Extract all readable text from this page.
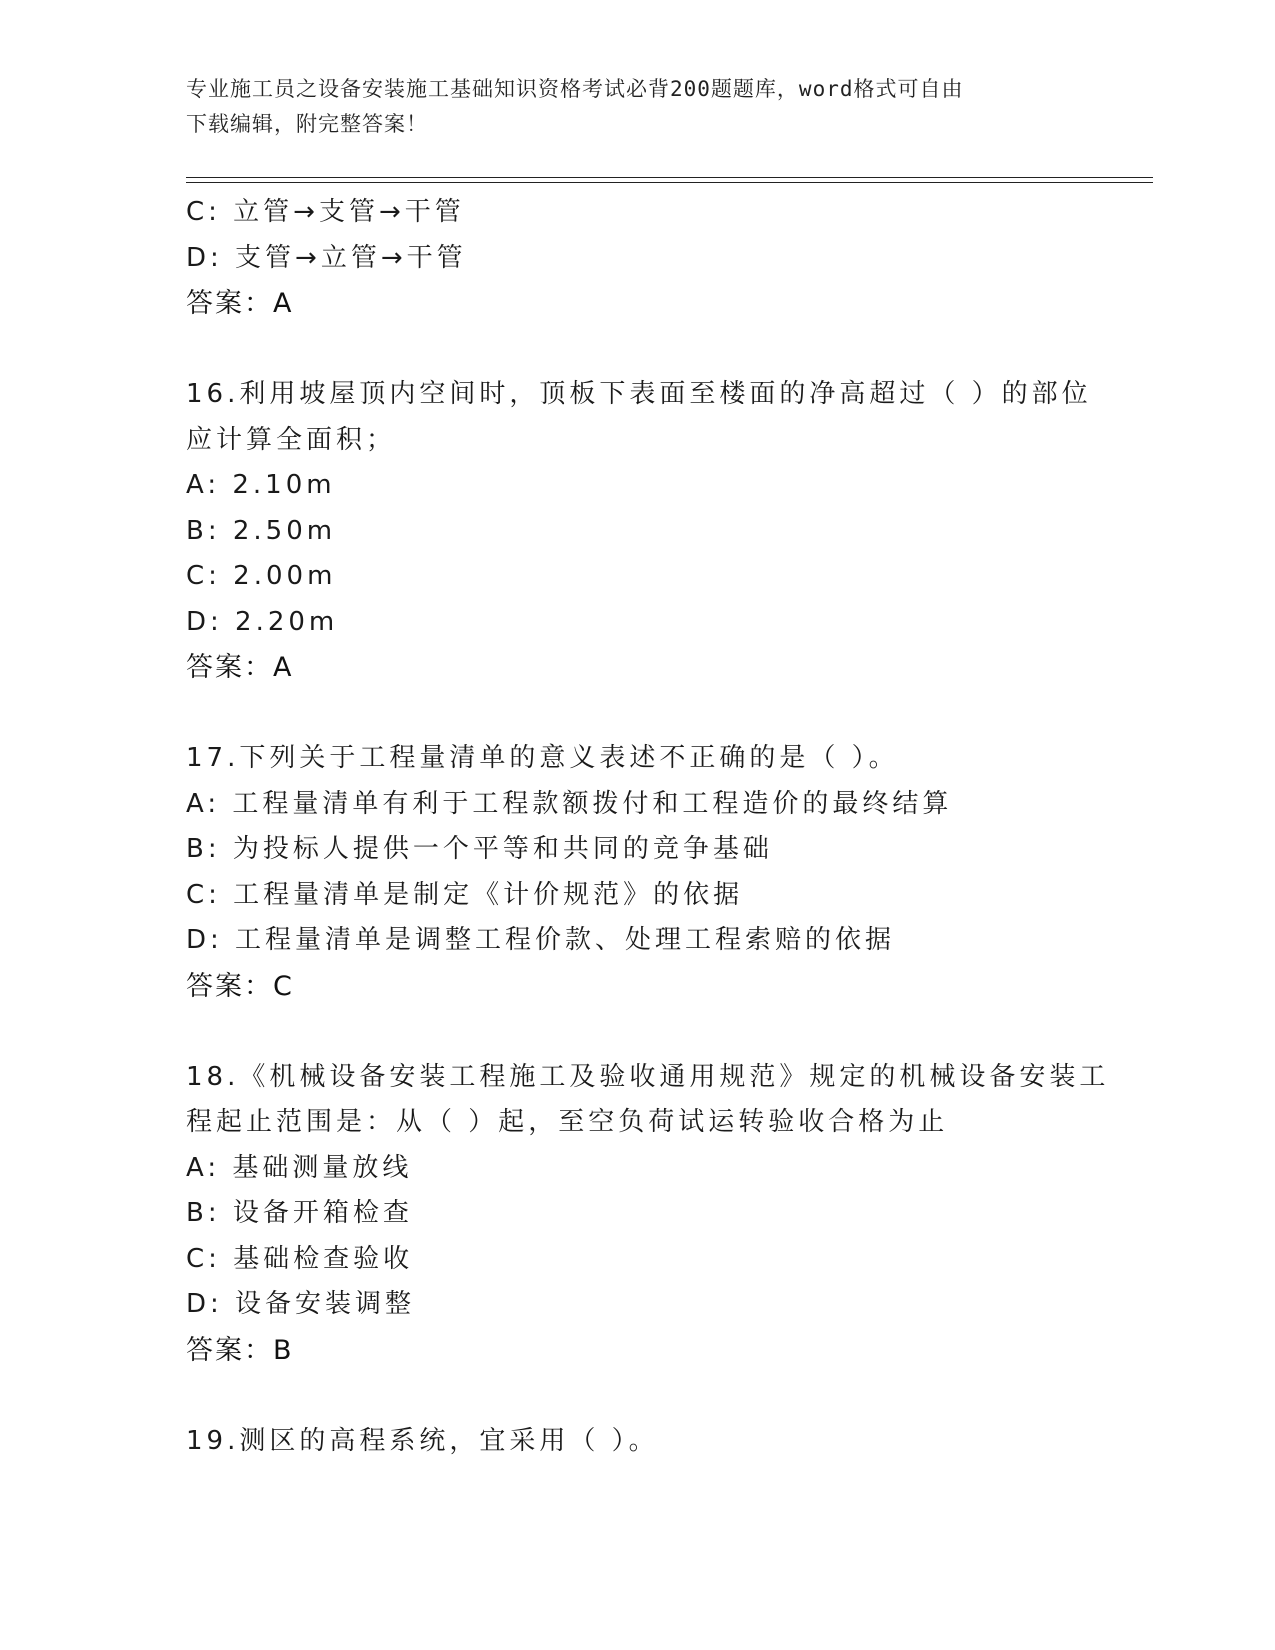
专业施工员之设备安装施工基础知识资格考试必背200题题库，word格式可自由
下载编辑，附完整答案！
C: 立管→支管→干管
D: 支管→立管→干管
答案：A
16.利用坡屋顶内空间时，顶板下表面至楼面的净高超过（ ）的部位
应计算全面积；
A: 2.10m
B: 2.50m
C: 2.00m
D: 2.20m
答案：A
17.下列关于工程量清单的意义表述不正确的是（ ）。
A: 工程量清单有利于工程款额拨付和工程造价的最终结算
B: 为投标人提供一个平等和共同的竞争基础
C: 工程量清单是制定《计价规范》的依据
D: 工程量清单是调整工程价款、处理工程索赔的依据
答案：C
18.《机械设备安装工程施工及验收通用规范》规定的机械设备安装工
程起止范围是：从（ ）起，至空负荷试运转验收合格为止
A: 基础测量放线
B: 设备开箱检查
C: 基础检查验收
D: 设备安装调整
答案：B
19.测区的高程系统，宜采用（ ）。
